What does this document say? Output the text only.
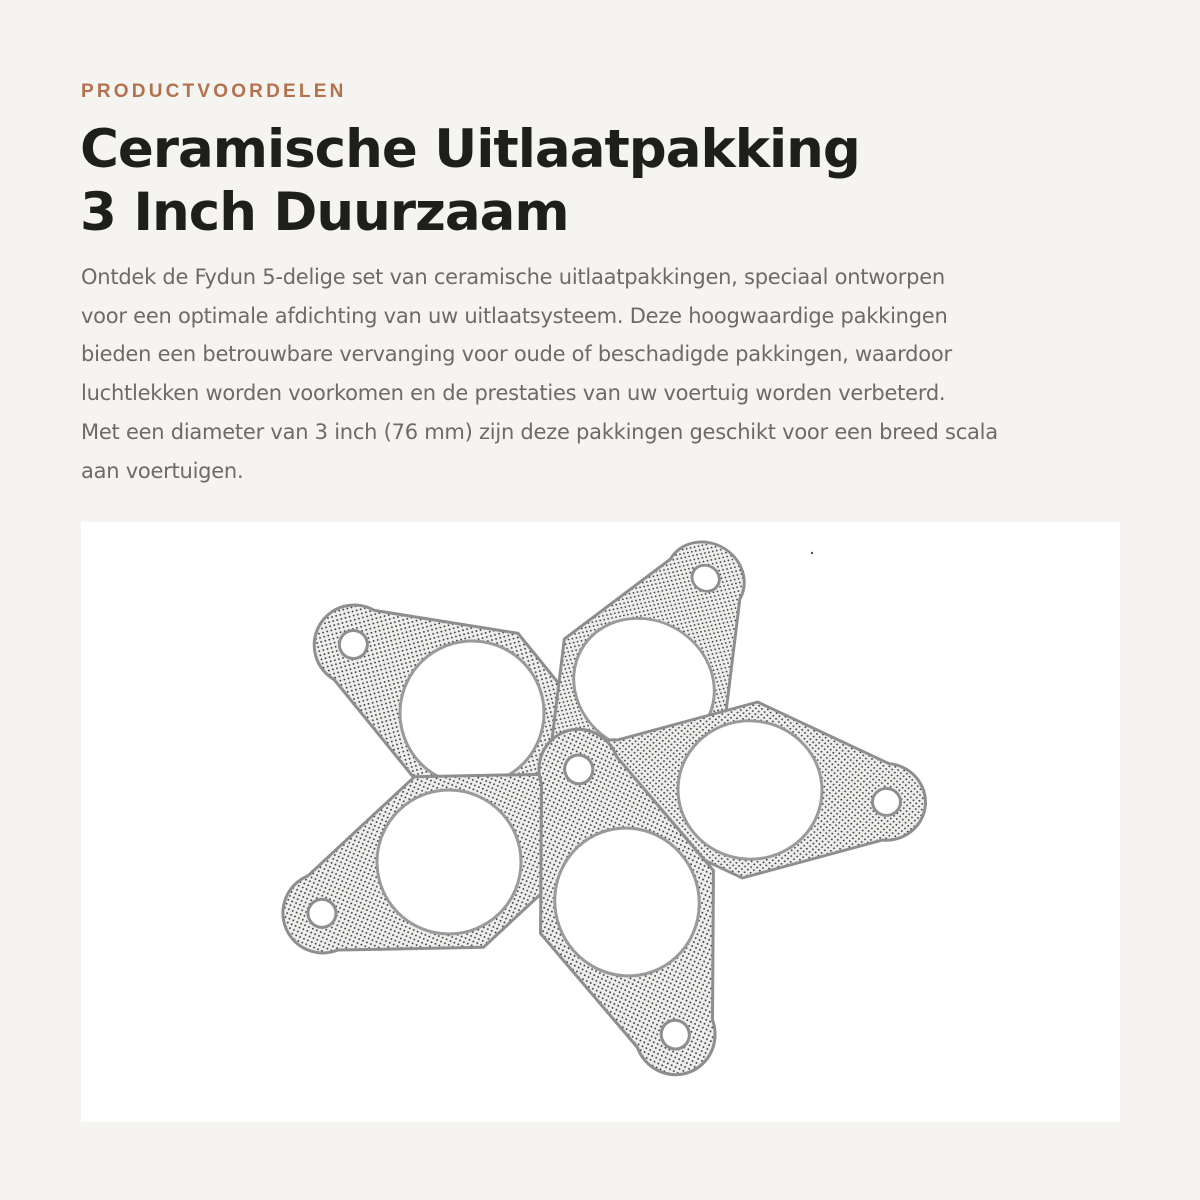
PRODUCTVOORDELEN
Ceramische Uitlaatpakking
3 Inch Duurzaam

Ontdek de Fydun 5-delige set van ceramische uitlaatpakkingen, speciaal ontworpen
voor een optimale afdichting van uw uitlaatsysteem. Deze hoogwaardige pakkingen
bieden een betrouwbare vervanging voor oude of beschadigde pakkingen, waardoor
luchtlekken worden voorkomen en de prestaties van uw voertuig worden verbeterd.
Met een diameter van 3 inch (76 mm) zijn deze pakkingen geschikt voor een breed scala
aan voertuigen.
